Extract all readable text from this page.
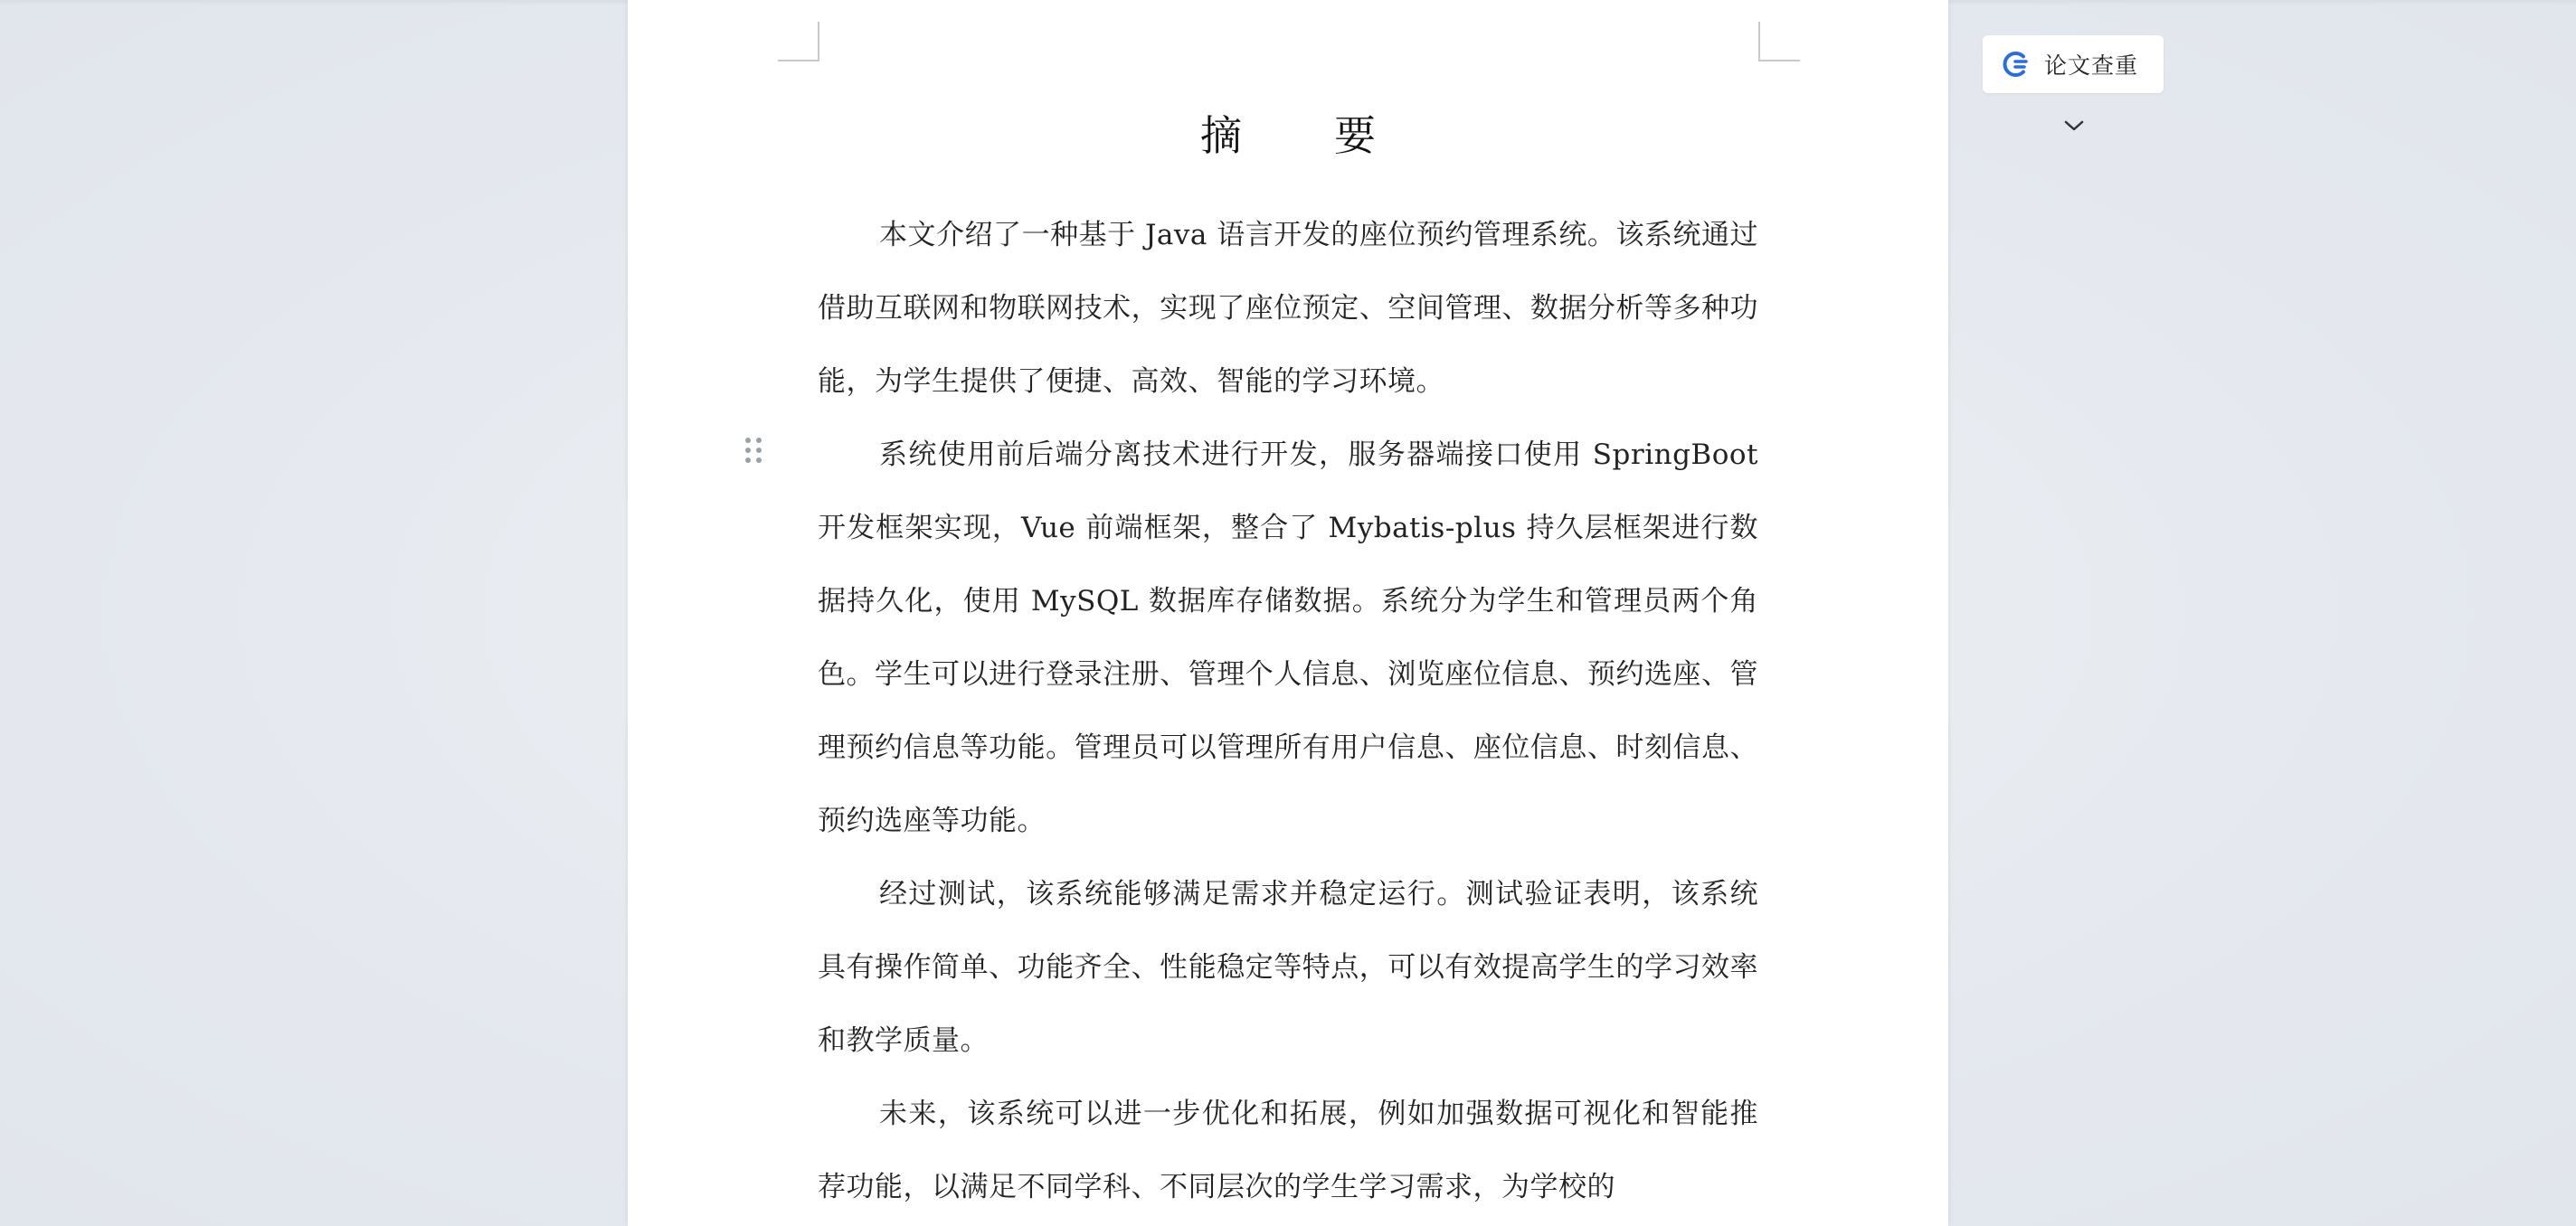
摘　要

本文介绍了一种基于 Java 语言开发的座位预约管理系统。该系统通过借助互联网和物联网技术，实现了座位预定、空间管理、数据分析等多种功能，为学生提供了便捷、高效、智能的学习环境。

系统使用前后端分离技术进行开发，服务器端接口使用 SpringBoot 开发框架实现，Vue 前端框架，整合了 Mybatis-plus 持久层框架进行数据持久化，使用 MySQL 数据库存储数据。系统分为学生和管理员两个角色。学生可以进行登录注册、管理个人信息、浏览座位信息、预约选座、管理预约信息等功能。管理员可以管理所有用户信息、座位信息、时刻信息、预约选座等功能。

经过测试，该系统能够满足需求并稳定运行。测试验证表明，该系统具有操作简单、功能齐全、性能稳定等特点，可以有效提高学生的学习效率和教学质量。

未来，该系统可以进一步优化和拓展，例如加强数据可视化和智能推荐功能，以满足不同学科、不同层次的学生学习需求，为学校的

论文查重
